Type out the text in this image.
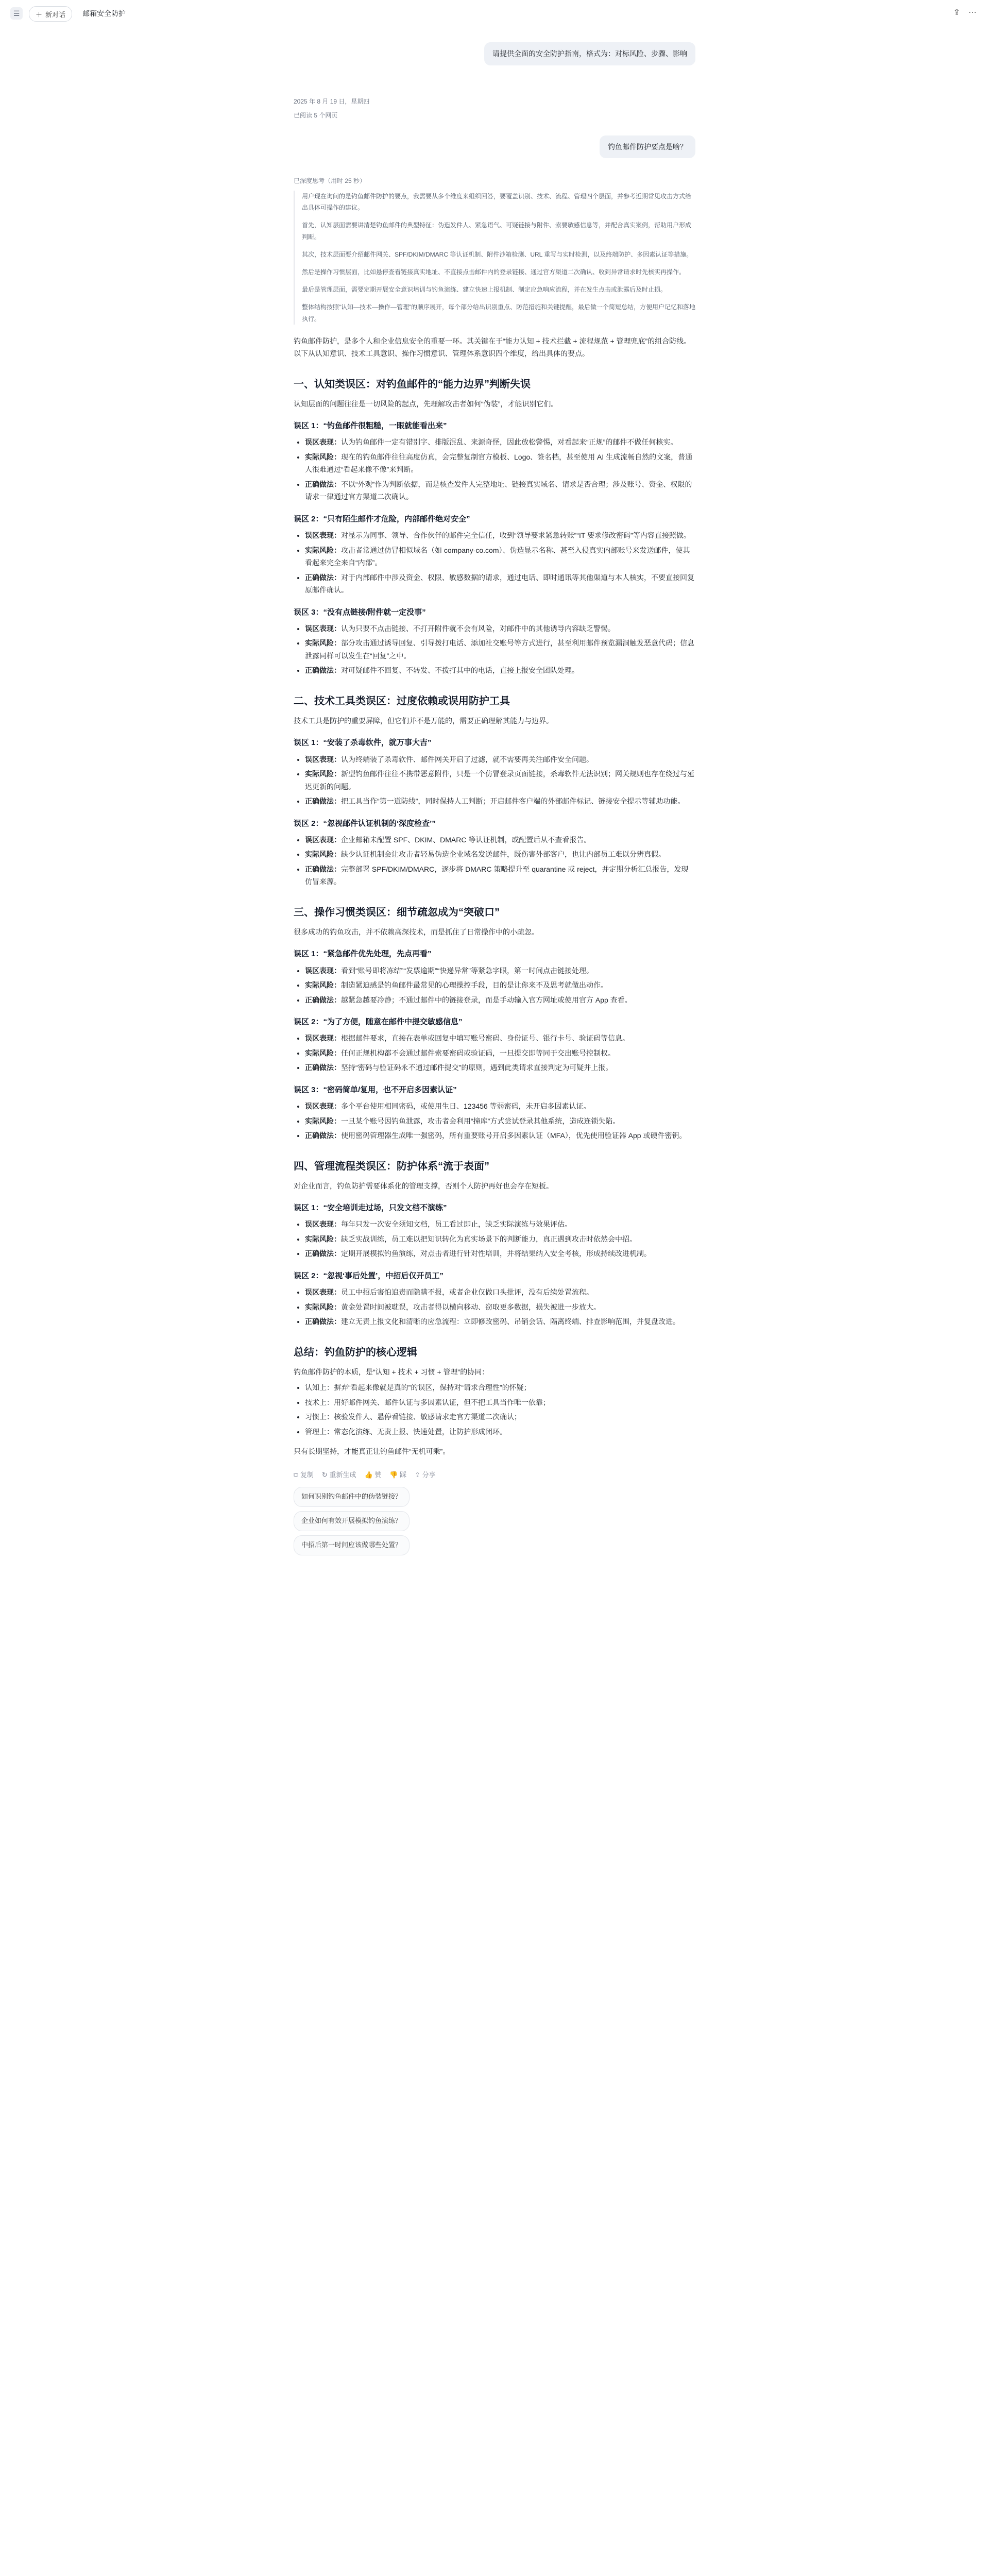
☰	＋ 新对话 邮箱安全防护	⇪ ⋯
请提供全面的安全防护指南，格式为：对标风险、步骤、影响
2025 年 8 月 19 日，星期四
已阅读 5 个网页
钓鱼邮件防护要点是啥？
已深度思考（用时 25 秒）

用户现在询问的是钓鱼邮件防护的要点，我需要从多个维度来组织回答，要覆盖识别、技术、流程、管理四个层面，并参考近期常见攻击方式给出具体可操作的建议。

首先，认知层面需要讲清楚钓鱼邮件的典型特征：伪造发件人、紧急语气、可疑链接与附件、索要敏感信息等，并配合真实案例，帮助用户形成判断。

其次，技术层面要介绍邮件网关、SPF/DKIM/DMARC 等认证机制、附件沙箱检测、URL 重写与实时检测，以及终端防护、多因素认证等措施。

然后是操作习惯层面，比如悬停查看链接真实地址、不直接点击邮件内的登录链接、通过官方渠道二次确认、收到异常请求时先核实再操作。

最后是管理层面，需要定期开展安全意识培训与钓鱼演练、建立快速上报机制、制定应急响应流程，并在发生点击或泄露后及时止损。

整体结构按照“认知—技术—操作—管理”的顺序展开，每个部分给出识别重点、防范措施和关键提醒，最后做一个简短总结，方便用户记忆和落地执行。

钓鱼邮件防护，是多个人和企业信息安全的重要一环。其关键在于“能力认知 + 技术拦截 + 流程规范 + 管理兜底”的组合防线。以下从认知意识、技术工具意识、操作习惯意识、管理体系意识四个维度，给出具体的要点。
一、认知类误区：对钓鱼邮件的“能力边界”判断失误
认知层面的问题往往是一切风险的起点，先理解攻击者如何“伪装”，才能识别它们。
误区 1：“钓鱼邮件很粗糙，一眼就能看出来”
• 误区表现：认为钓鱼邮件一定有错别字、排版混乱、来源奇怪，因此放松警惕，对看起来“正规”的邮件不做任何核实。
• 实际风险：现在的钓鱼邮件往往高度仿真，会完整复制官方模板、Logo、签名档，甚至使用 AI 生成流畅自然的文案，普通人很难通过“看起来像不像”来判断。
• 正确做法：不以“外观”作为判断依据，而是核查发件人完整地址、链接真实域名、请求是否合理；涉及账号、资金、权限的请求一律通过官方渠道二次确认。
误区 2：“只有陌生邮件才危险，内部邮件绝对安全”
• 误区表现：对显示为同事、领导、合作伙伴的邮件完全信任，收到“领导要求紧急转账”“IT 要求修改密码”等内容直接照做。
• 实际风险：攻击者常通过仿冒相似域名（如 company-co.com）、伪造显示名称、甚至入侵真实内部账号来发送邮件，使其看起来完全来自“内部”。
• 正确做法：对于内部邮件中涉及资金、权限、敏感数据的请求，通过电话、即时通讯等其他渠道与本人核实，不要直接回复原邮件确认。
误区 3：“没有点链接/附件就一定没事”
• 误区表现：认为只要不点击链接、不打开附件就不会有风险，对邮件中的其他诱导内容缺乏警惕。
• 实际风险：部分攻击通过诱导回复、引导拨打电话、添加社交账号等方式进行，甚至利用邮件预览漏洞触发恶意代码；信息泄露同样可以发生在“回复”之中。
• 正确做法：对可疑邮件不回复、不转发、不拨打其中的电话，直接上报安全团队处理。
二、技术工具类误区：过度依赖或误用防护工具
技术工具是防护的重要屏障，但它们并不是万能的，需要正确理解其能力与边界。
误区 1：“安装了杀毒软件，就万事大吉”
• 误区表现：认为终端装了杀毒软件、邮件网关开启了过滤，就不需要再关注邮件安全问题。
• 实际风险：新型钓鱼邮件往往不携带恶意附件，只是一个仿冒登录页面链接，杀毒软件无法识别；网关规则也存在绕过与延迟更新的问题。
• 正确做法：把工具当作“第一道防线”，同时保持人工判断；开启邮件客户端的外部邮件标记、链接安全提示等辅助功能。
误区 2：“忽视邮件认证机制的‘深度检查’”
• 误区表现：企业邮箱未配置 SPF、DKIM、DMARC 等认证机制，或配置后从不查看报告。
• 实际风险：缺少认证机制会让攻击者轻易伪造企业域名发送邮件，既伤害外部客户，也让内部员工难以分辨真假。
• 正确做法：完整部署 SPF/DKIM/DMARC，逐步将 DMARC 策略提升至 quarantine 或 reject，并定期分析汇总报告，发现仿冒来源。
三、操作习惯类误区：细节疏忽成为“突破口”
很多成功的钓鱼攻击，并不依赖高深技术，而是抓住了日常操作中的小疏忽。
误区 1：“紧急邮件优先处理，先点再看”
• 误区表现：看到“账号即将冻结”“发票逾期”“快递异常”等紧急字眼，第一时间点击链接处理。
• 实际风险：制造紧迫感是钓鱼邮件最常见的心理操控手段，目的是让你来不及思考就做出动作。
• 正确做法：越紧急越要冷静；不通过邮件中的链接登录，而是手动输入官方网址或使用官方 App 查看。
误区 2：“为了方便，随意在邮件中提交敏感信息”
• 误区表现：根据邮件要求，直接在表单或回复中填写账号密码、身份证号、银行卡号、验证码等信息。
• 实际风险：任何正规机构都不会通过邮件索要密码或验证码，一旦提交即等同于交出账号控制权。
• 正确做法：坚持“密码与验证码永不通过邮件提交”的原则，遇到此类请求直接判定为可疑并上报。
误区 3：“密码简单/复用，也不开启多因素认证”
• 误区表现：多个平台使用相同密码，或使用生日、123456 等弱密码，未开启多因素认证。
• 实际风险：一旦某个账号因钓鱼泄露，攻击者会利用“撞库”方式尝试登录其他系统，造成连锁失陷。
• 正确做法：使用密码管理器生成唯一强密码，所有重要账号开启多因素认证（MFA），优先使用验证器 App 或硬件密钥。
四、管理流程类误区：防护体系“流于表面”
对企业而言，钓鱼防护需要体系化的管理支撑，否则个人防护再好也会存在短板。
误区 1：“安全培训走过场，只发文档不演练”
• 误区表现：每年只发一次安全须知文档，员工看过即止，缺乏实际演练与效果评估。
• 实际风险：缺乏实战训练，员工难以把知识转化为真实场景下的判断能力，真正遇到攻击时依然会中招。
• 正确做法：定期开展模拟钓鱼演练，对点击者进行针对性培训，并将结果纳入安全考核，形成持续改进机制。
误区 2：“忽视‘事后处置’，中招后仅开员工”
• 误区表现：员工中招后害怕追责而隐瞒不报，或者企业仅做口头批评，没有后续处置流程。
• 实际风险：黄金处置时间被耽误，攻击者得以横向移动、窃取更多数据，损失被进一步放大。
• 正确做法：建立无责上报文化和清晰的应急流程：立即修改密码、吊销会话、隔离终端、排查影响范围，并复盘改进。
总结：钓鱼防护的核心逻辑
钓鱼邮件防护的本质，是“认知 + 技术 + 习惯 + 管理”的协同：
• 认知上：摒弃“看起来像就是真的”的误区，保持对“请求合理性”的怀疑；
• 技术上：用好邮件网关、邮件认证与多因素认证，但不把工具当作唯一依靠；
• 习惯上：核验发件人、悬停看链接、敏感请求走官方渠道二次确认；
• 管理上：常态化演练、无责上报、快速处置，让防护形成闭环。
只有长期坚持，才能真正让钓鱼邮件“无机可乘”。
⧉ 复制 ↻ 重新生成 👍 赞 👎 踩 ⇪ 分享
如何识别钓鱼邮件中的伪装链接？
企业如何有效开展模拟钓鱼演练？
中招后第一时间应该做哪些处置？
